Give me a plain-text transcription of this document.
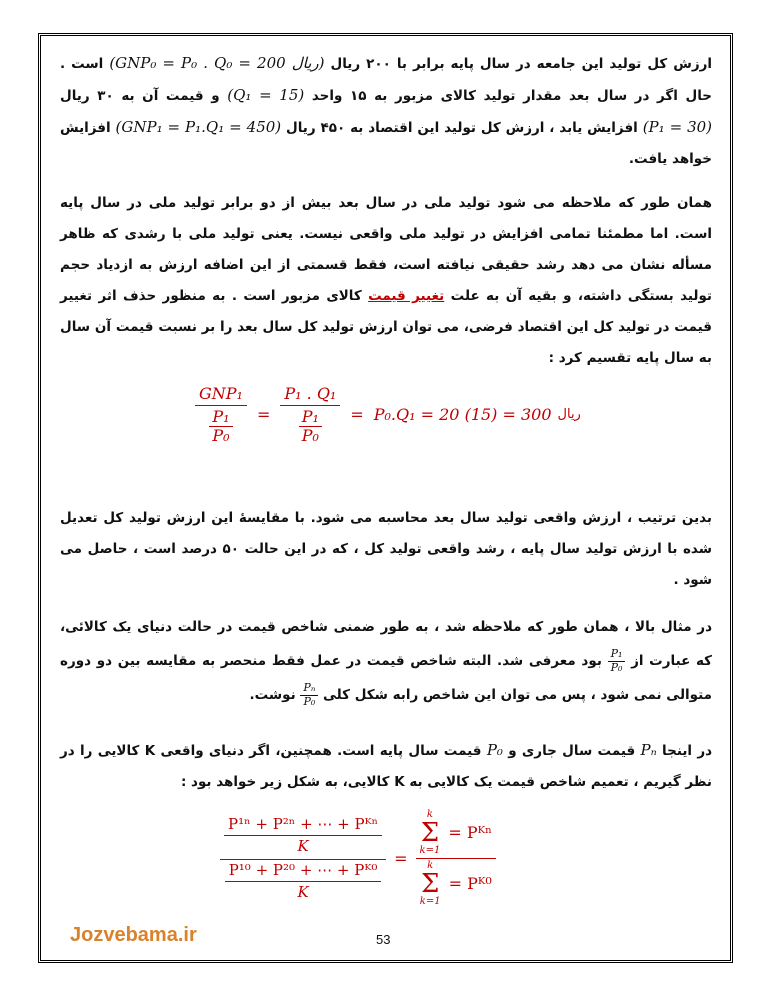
ارزش کل تولید این جامعه در سال پایه برابر با ۲۰۰ ریال (GNP₀ = P₀ . Q₀ = 200 ریال) است . حال اگر در سال بعد مقدار تولید کالای مزبور به ۱۵ واحد (Q₁ = 15) و قیمت آن به ۳۰ ریال (P₁ = 30) افزایش یابد ، ارزش کل تولید این اقتصاد به ۴۵۰ ریال (GNP₁ = P₁.Q₁ = 450) افزایش خواهد یافت.

همان طور که ملاحظه می شود تولید ملی در سال بعد بیش از دو برابر تولید ملی در سال پایه است. اما مطمئنا تمامی افزایش در تولید ملی واقعی نیست. یعنی تولید ملی با رشدی که ظاهر مسأله نشان می دهد رشد حقیقی نیافته است، فقط قسمتی از این اضافه ارزش به ازدیاد حجم تولید بستگی داشته، و بقیه آن به علت تغییر قیمت کالای مزبور است . به منظور حذف اثر تغییر قیمت در تولید کل این اقتصاد فرضی، می توان ارزش تولید کل سال بعد را بر نسبت قیمت آن سال به سال پایه تقسیم کرد :

GNP₁
$\frac{\text{P₁}}{\text{P₀}} = \frac{\text{P₁ . Q₁}}{\frac{\text{P₁}}{\text{P₀}}} = P_0.Q_1 = 20$ (15) = 300 ریال

بدین ترتیب ، ارزش واقعی تولید سال بعد محاسبه می شود. با مقایسهٔ این ارزش تولید کل تعدیل شده با ارزش تولید سال پایه ، رشد واقعی تولید کل ، که در این حالت ۵۰ درصد است ، حاصل می شود .

در مثال بالا ، همان طور که ملاحظه شد ، به طور ضمنی شاخص قیمت در حالت دنیای یک کالائی، که عبارت از
$\frac{\text{P₁}}{\text{P₀}}$
بود معرفی شد. البته شاخص قیمت در عمل فقط منحصر به مقایسه بین دو دوره متوالی نمی شود ، پس می توان این شاخص رابه شکل کلی
$\frac{\text{Pₙ}}{\text{P₀}}$
نوشت.

در اینجا Pₙ قیمت سال جاری و P₀ قیمت سال پایه است. همچنین، اگر دنیای واقعی K کالایی را در نظر گیریم ، تعمیم شاخص قیمت یک کالایی به K کالایی، به شکل زیر خواهد بود :

P¹ⁿ + P²ⁿ + ⋯ + Pᴷⁿ
K
$\frac{\text{P¹⁰ + P²⁰ + ⋯ + Pᴷ⁰}}{K}$
=
k
Σ
k=1
= Pᴷⁿ
k
Σ
k=1
= Pᴷ⁰
Jozvebama.ir	53
